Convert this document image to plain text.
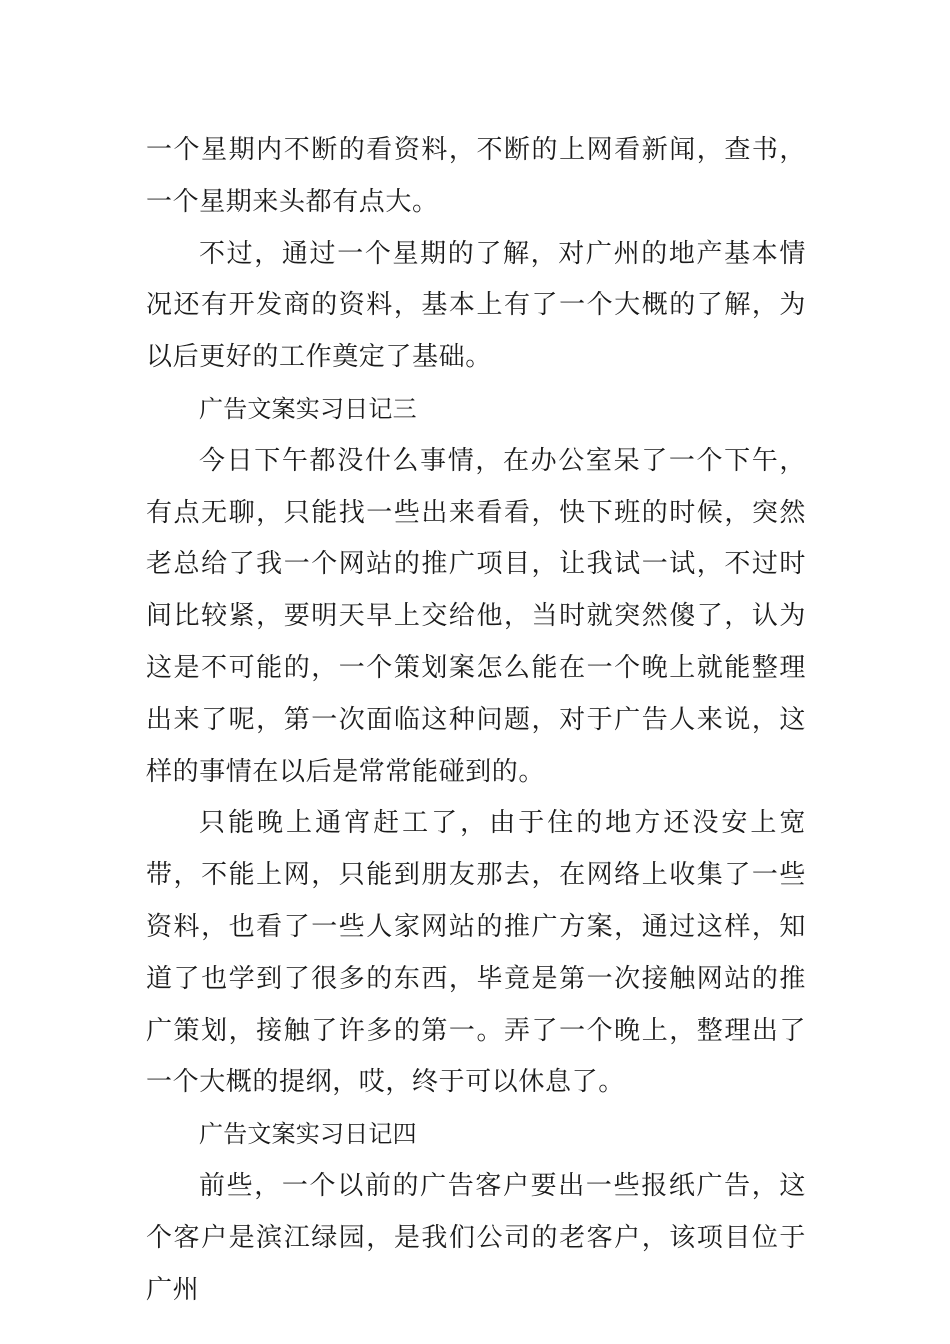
一个星期内不断的看资料，不断的上网看新闻，查书，一个星期来头都有点大。

不过，通过一个星期的了解，对广州的地产基本情况还有开发商的资料，基本上有了一个大概的了解，为以后更好的工作奠定了基础。

广告文案实习日记三

今日下午都没什么事情，在办公室呆了一个下午，有点无聊，只能找一些出来看看，快下班的时候，突然老总给了我一个网站的推广项目，让我试一试，不过时间比较紧，要明天早上交给他，当时就突然傻了，认为这是不可能的，一个策划案怎么能在一个晚上就能整理出来了呢，第一次面临这种问题，对于广告人来说，这样的事情在以后是常常能碰到的。

只能晚上通宵赶工了，由于住的地方还没安上宽带，不能上网，只能到朋友那去，在网络上收集了一些资料，也看了一些人家网站的推广方案，通过这样，知道了也学到了很多的东西，毕竟是第一次接触网站的推广策划，接触了许多的第一。弄了一个晚上，整理出了一个大概的提纲，哎，终于可以休息了。

广告文案实习日记四

前些，一个以前的广告客户要出一些报纸广告，这个客户是滨江绿园，是我们公司的老客户，该项目位于广州
